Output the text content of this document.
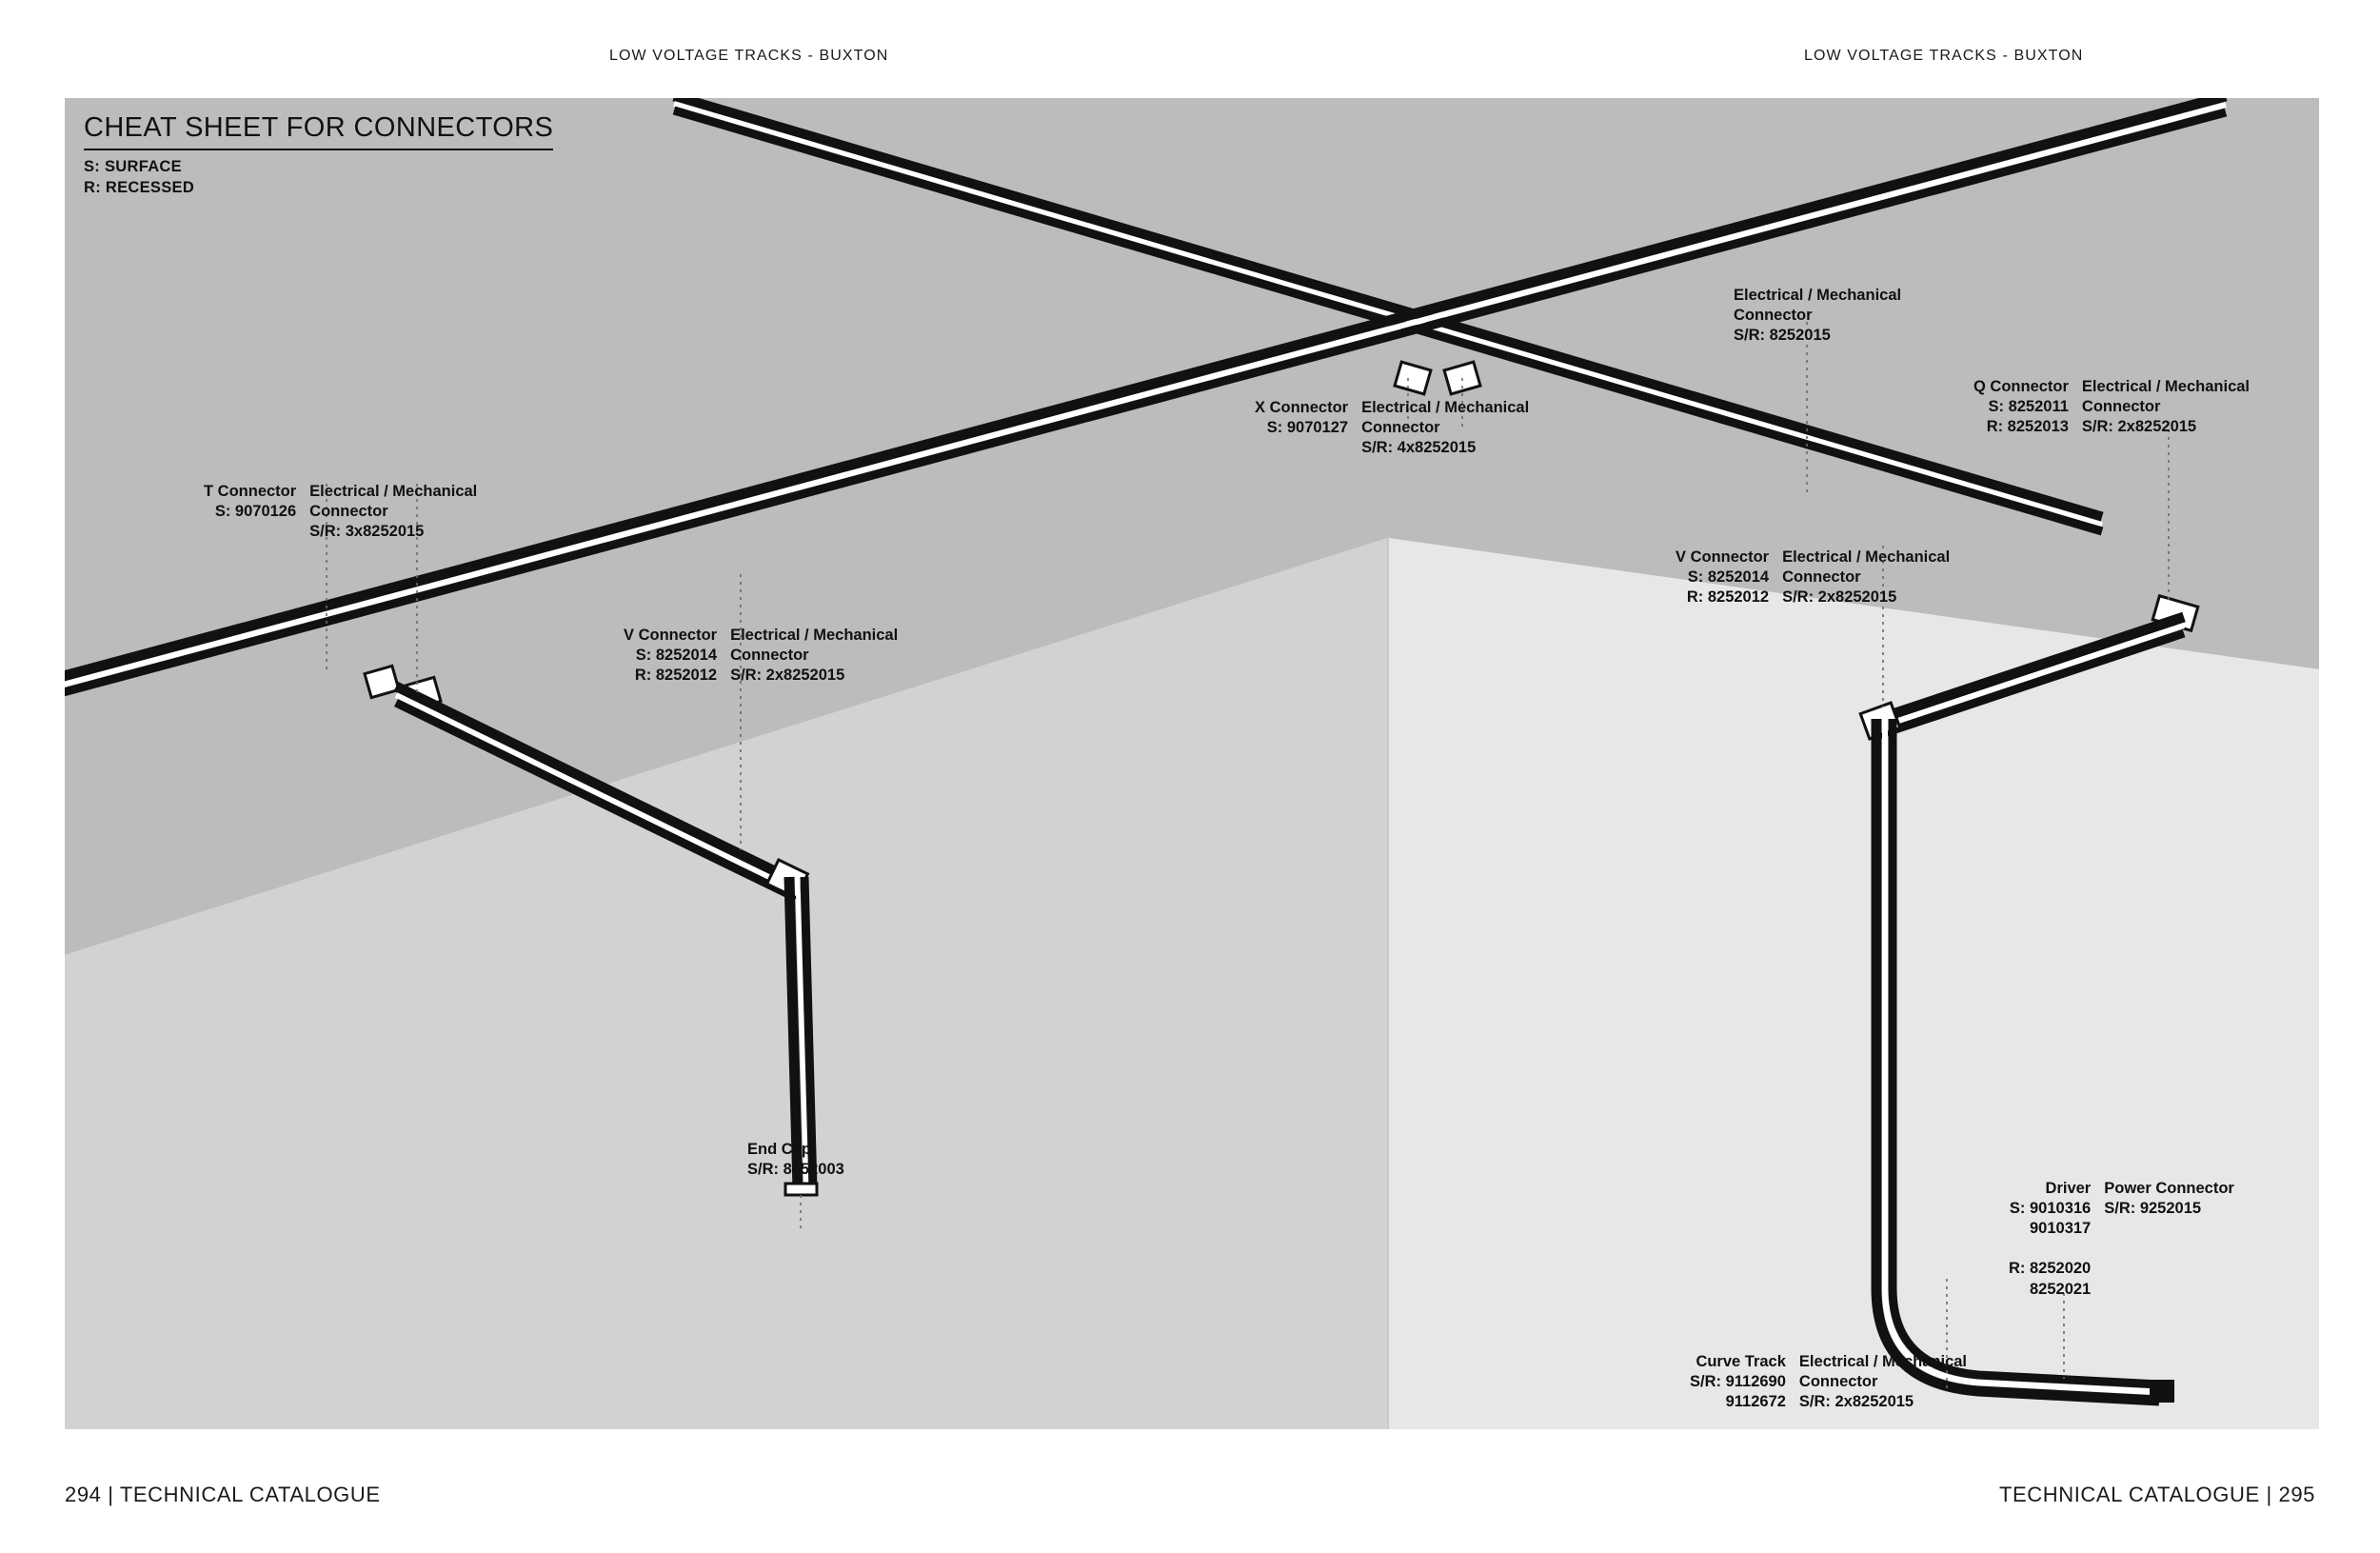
LOW VOLTAGE TRACKS - BUXTON	LOW VOLTAGE TRACKS - BUXTON
CHEAT SHEET FOR CONNECTORS
S: SURFACE
R: RECESSED
T Connector
S: 9070126
Electrical / Mechanical
Connector
S/R: 3x8252015
X Connector
S: 9070127
Electrical / Mechanical
Connector
S/R: 4x8252015
Electrical / Mechanical
Connector
S/R: 8252015
Q Connector
S: 8252011
R: 8252013
Electrical / Mechanical
Connector
S/R: 2x8252015
V Connector
S: 8252014
R: 8252012
Electrical / Mechanical
Connector
S/R: 2x8252015
V Connector
S: 8252014
R: 8252012
Electrical / Mechanical
Connector
S/R: 2x8252015
End Cap
S/R: 8252003
Driver
S: 9010316
9010317
R: 8252020
8252021
Power Connector
S/R: 9252015
Curve Track
S/R: 9112690
9112672
Electrical / Mechanical
Connector
S/R: 2x8252015
294 | TECHNICAL CATALOGUE	TECHNICAL CATALOGUE | 295
